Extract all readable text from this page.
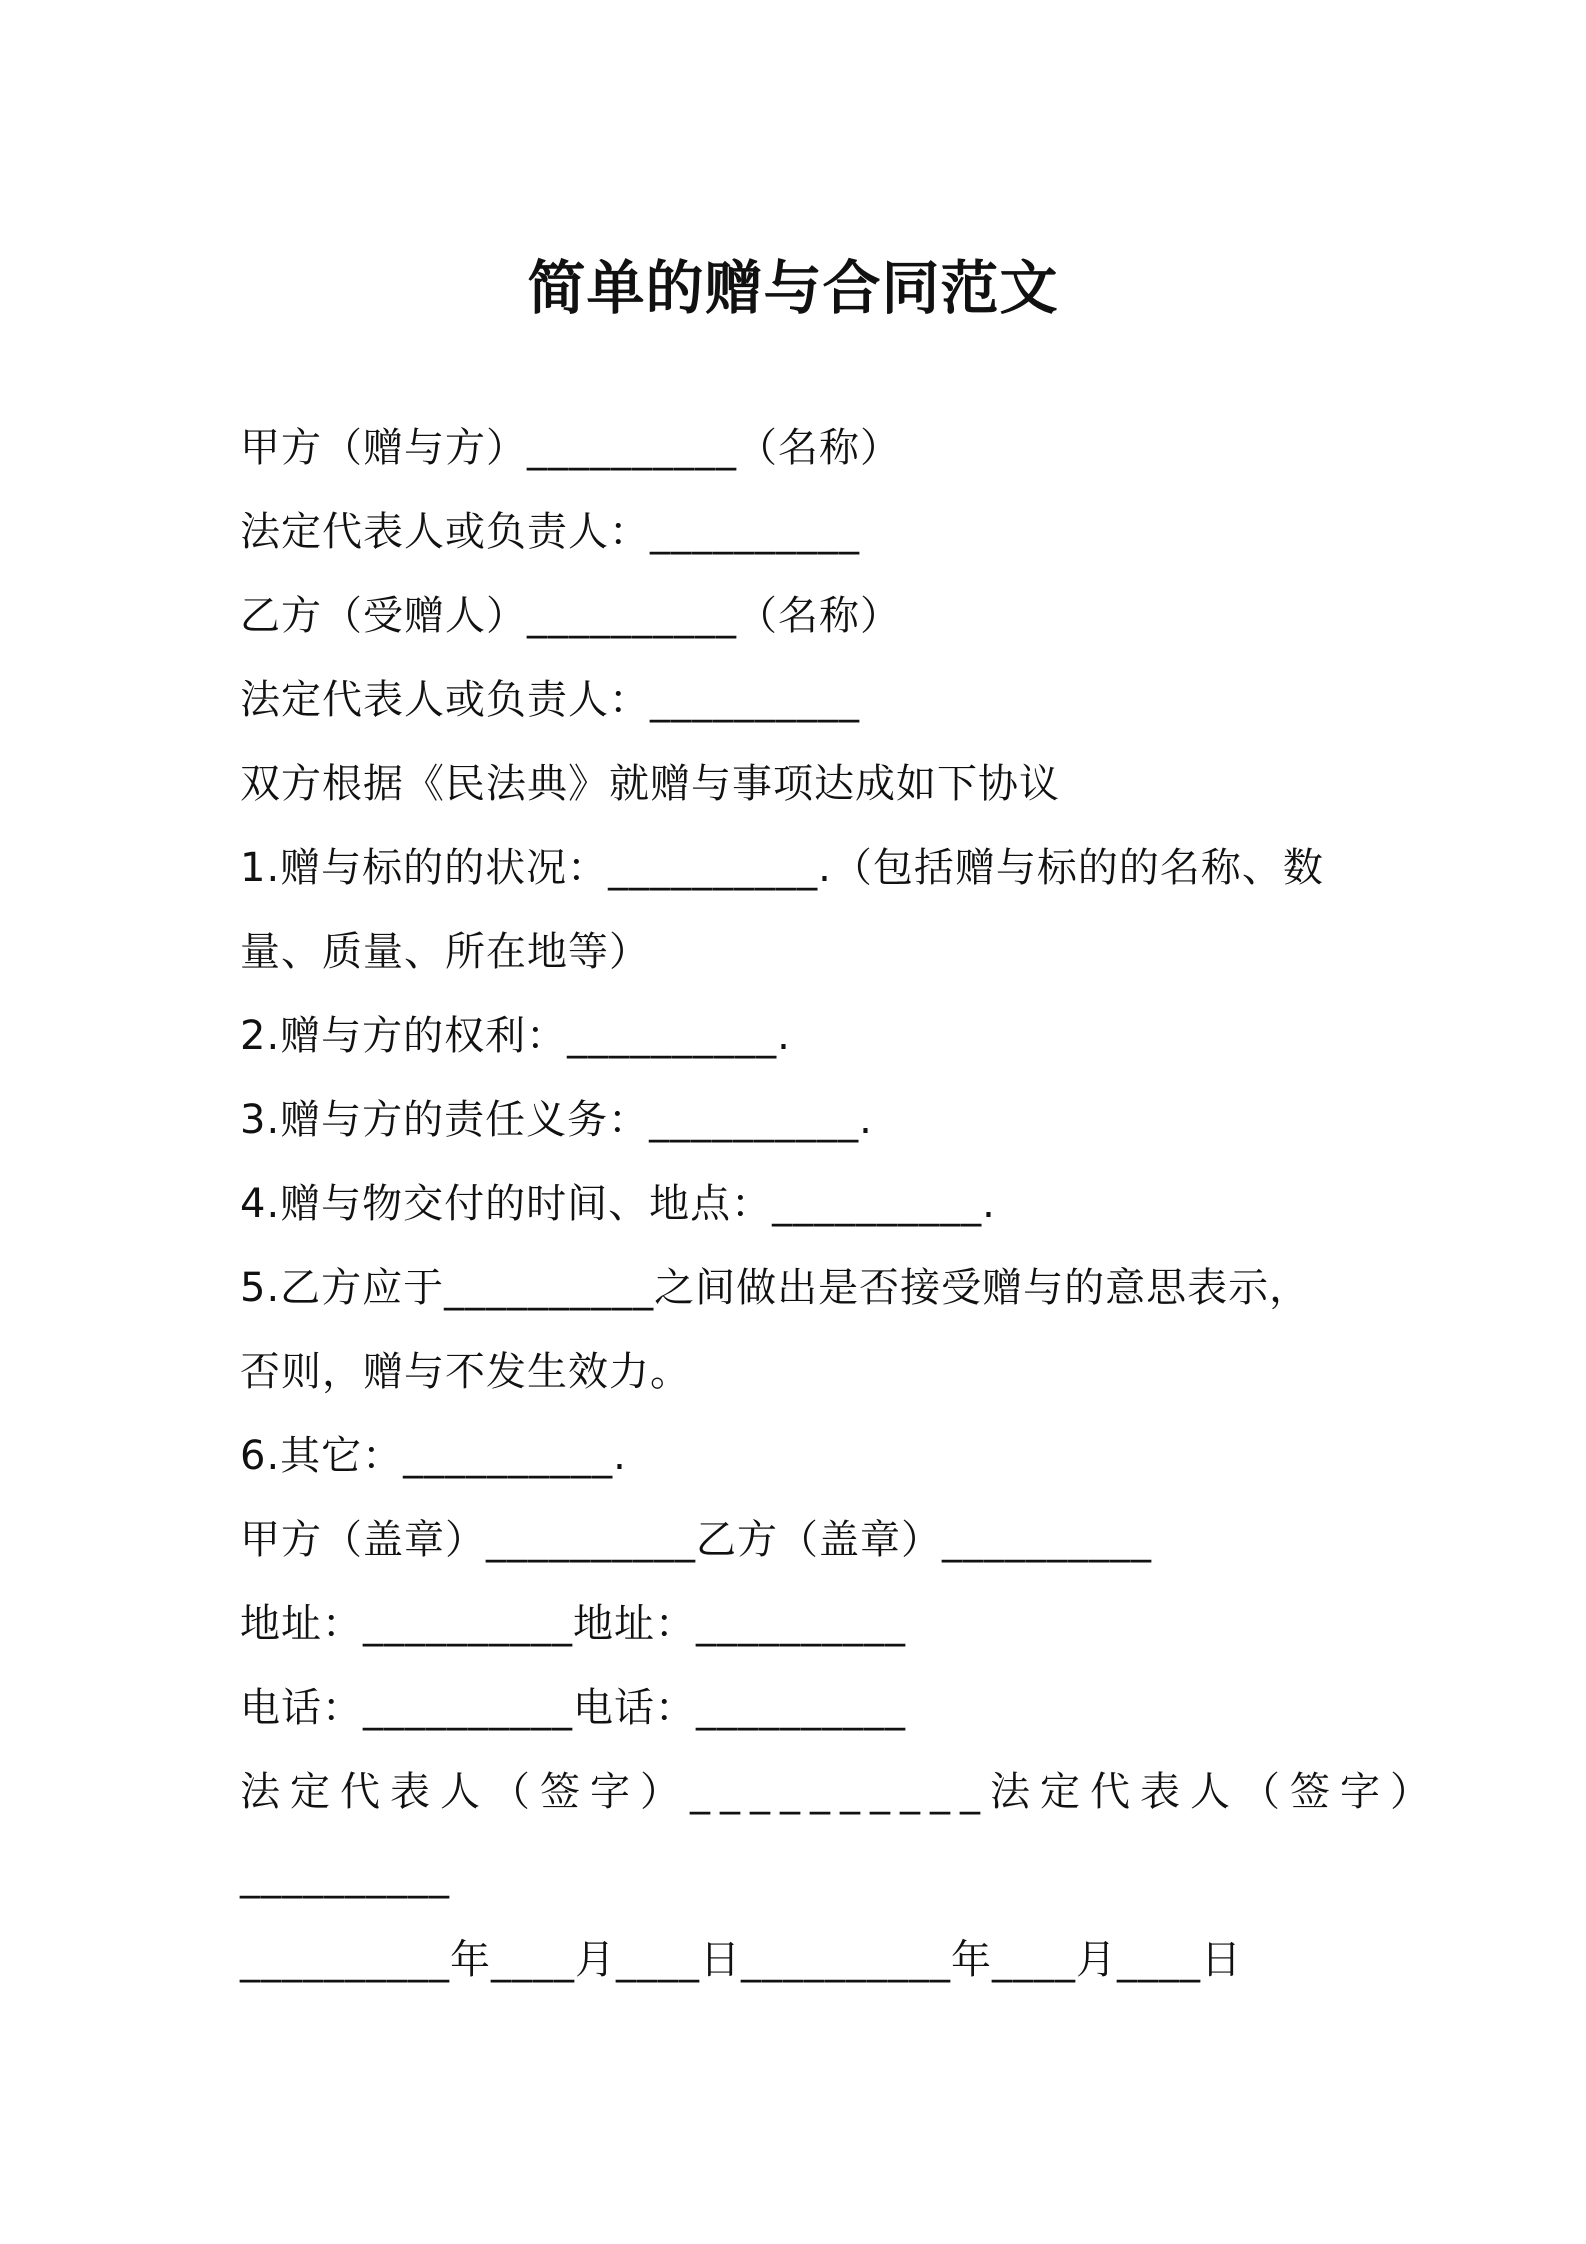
简单的赠与合同范文
甲方（赠与方）__________（名称）
法定代表人或负责人：__________
乙方（受赠人）__________（名称）
法定代表人或负责人：__________
双方根据《民法典》就赠与事项达成如下协议
1.赠与标的的状况：__________.（包括赠与标的的名称、数
量、质量、所在地等）
2.赠与方的权利：__________.
3.赠与方的责任义务：__________.
4.赠与物交付的时间、地点：__________.
5.乙方应于__________之间做出是否接受赠与的意思表示，
否则，赠与不发生效力。
6.其它：__________.
甲方（盖章）__________乙方（盖章）__________
地址：__________地址：__________
电话：__________电话：__________
法定代表人（签字）__________法定代表人（签字）
__________
__________年____月____日__________年____月____日
